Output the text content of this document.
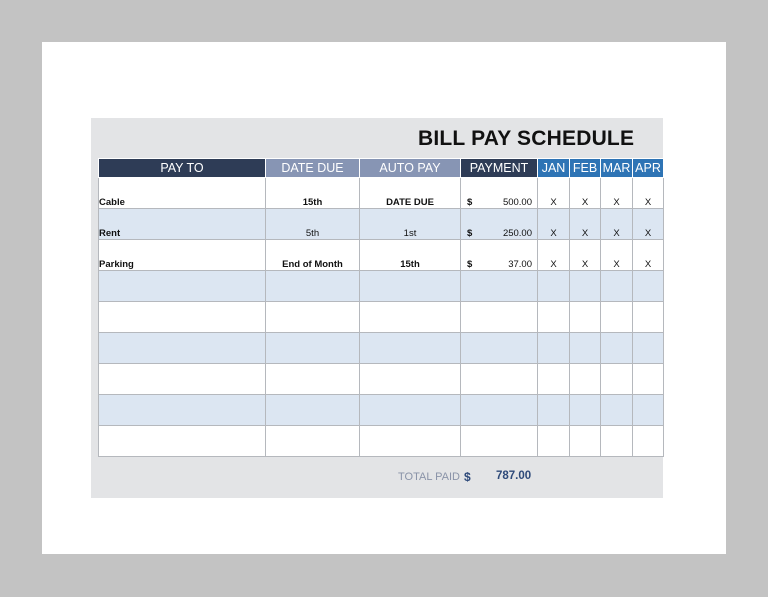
BILL PAY SCHEDULE
PAY TO	DATE DUE	AUTO PAY	PAYMENT	JAN	FEB	MAR	APR
Cable	15th	DATE DUE	$ 500.00	X	X	X	X
Rent	5th	1st	$ 250.00	X	X	X	X
Parking	End of Month	15th	$ 37.00	X	X	X	X

TOTAL PAID $ 787.00
